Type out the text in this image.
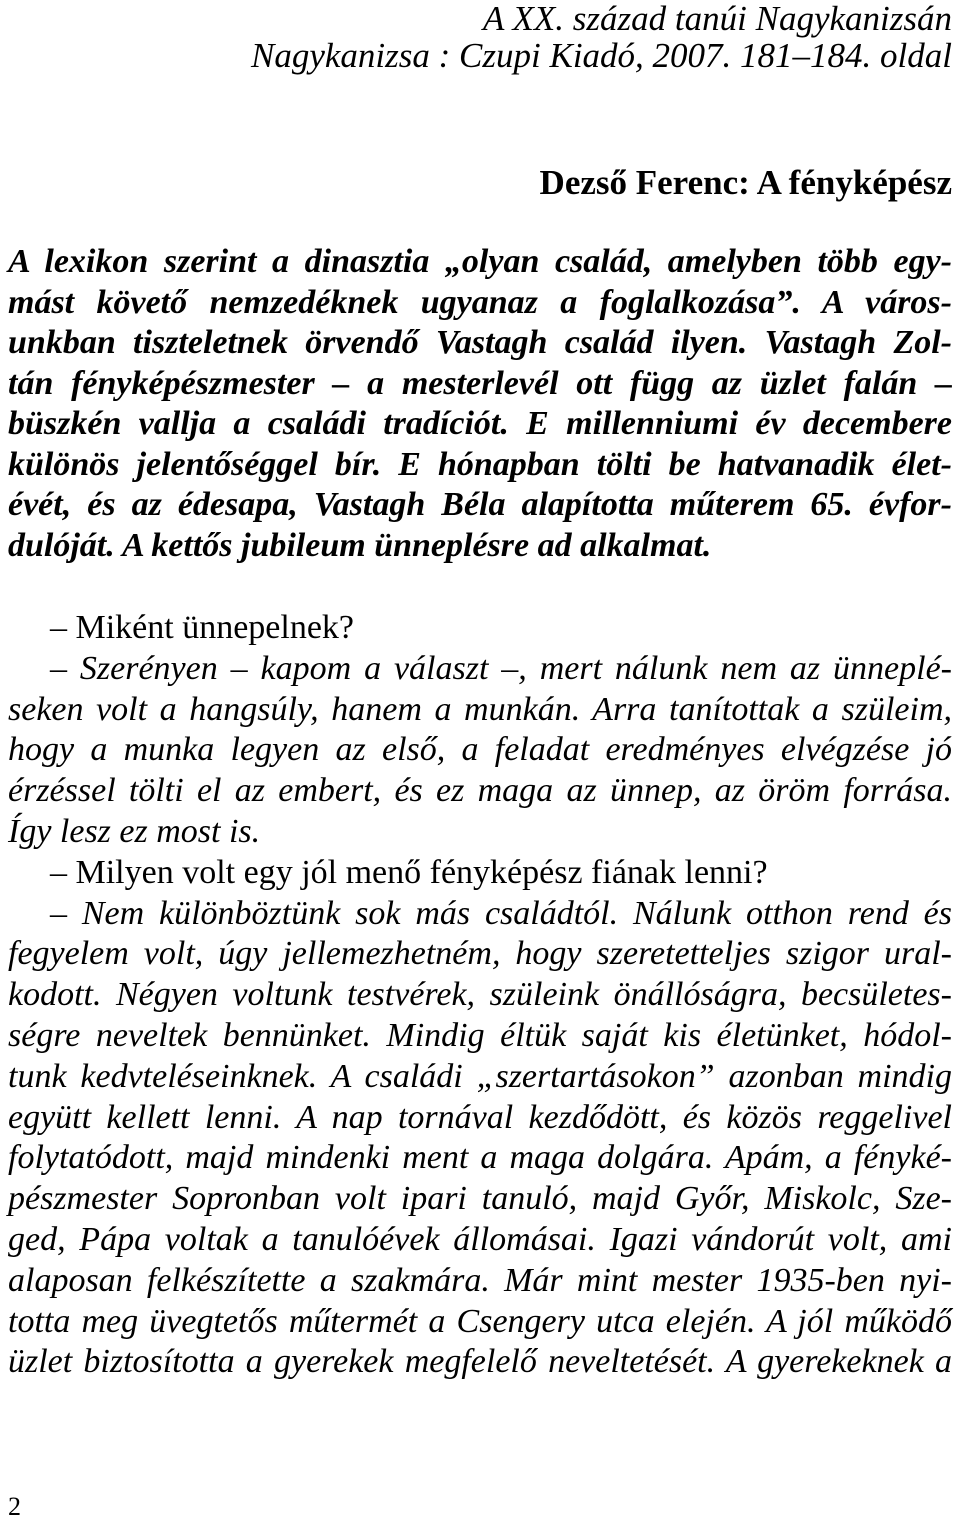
A XX. század tanúi Nagykanizsán
Nagykanizsa : Czupi Kiadó, 2007. 181–184. oldal
Dezső Ferenc: A fényképész
A lexikon szerint a dinasztia „olyan család, amelyben több egy-
mást követő nemzedéknek ugyanaz a foglalkozása”. A város-
unkban tiszteletnek örvendő Vastagh család ilyen. Vastagh Zol-
tán fényképészmester – a mesterlevél ott függ az üzlet falán –
büszkén vallja a családi tradíciót. E millenniumi év decembere
különös jelentőséggel bír. E hónapban tölti be hatvanadik élet-
évét, és az édesapa, Vastagh Béla alapította műterem 65. évfor-
dulóját. A kettős jubileum ünneplésre ad alkalmat.
– Miként ünnepelnek?
– Szerényen – kapom a választ –, mert nálunk nem az ünneplé-
seken volt a hangsúly, hanem a munkán. Arra tanítottak a szüleim,
hogy a munka legyen az első, a feladat eredményes elvégzése jó
érzéssel tölti el az embert, és ez maga az ünnep, az öröm forrása.
Így lesz ez most is.
– Milyen volt egy jól menő fényképész fiának lenni?
– Nem különböztünk sok más családtól. Nálunk otthon rend és
fegyelem volt, úgy jellemezhetném, hogy szeretetteljes szigor ural-
kodott. Négyen voltunk testvérek, szüleink önállóságra, becsületes-
ségre neveltek bennünket. Mindig éltük saját kis életünket, hódol-
tunk kedvteléseinknek. A családi „szertartásokon” azonban mindig
együtt kellett lenni. A nap tornával kezdődött, és közös reggelivel
folytatódott, majd mindenki ment a maga dolgára. Apám, a fényké-
pészmester Sopronban volt ipari tanuló, majd Győr, Miskolc, Sze-
ged, Pápa voltak a tanulóévek állomásai. Igazi vándorút volt, ami
alaposan felkészítette a szakmára. Már mint mester 1935-ben nyi-
totta meg üvegtetős műtermét a Csengery utca elején. A jól működő
üzlet biztosította a gyerekek megfelelő neveltetését. A gyerekeknek a
2
